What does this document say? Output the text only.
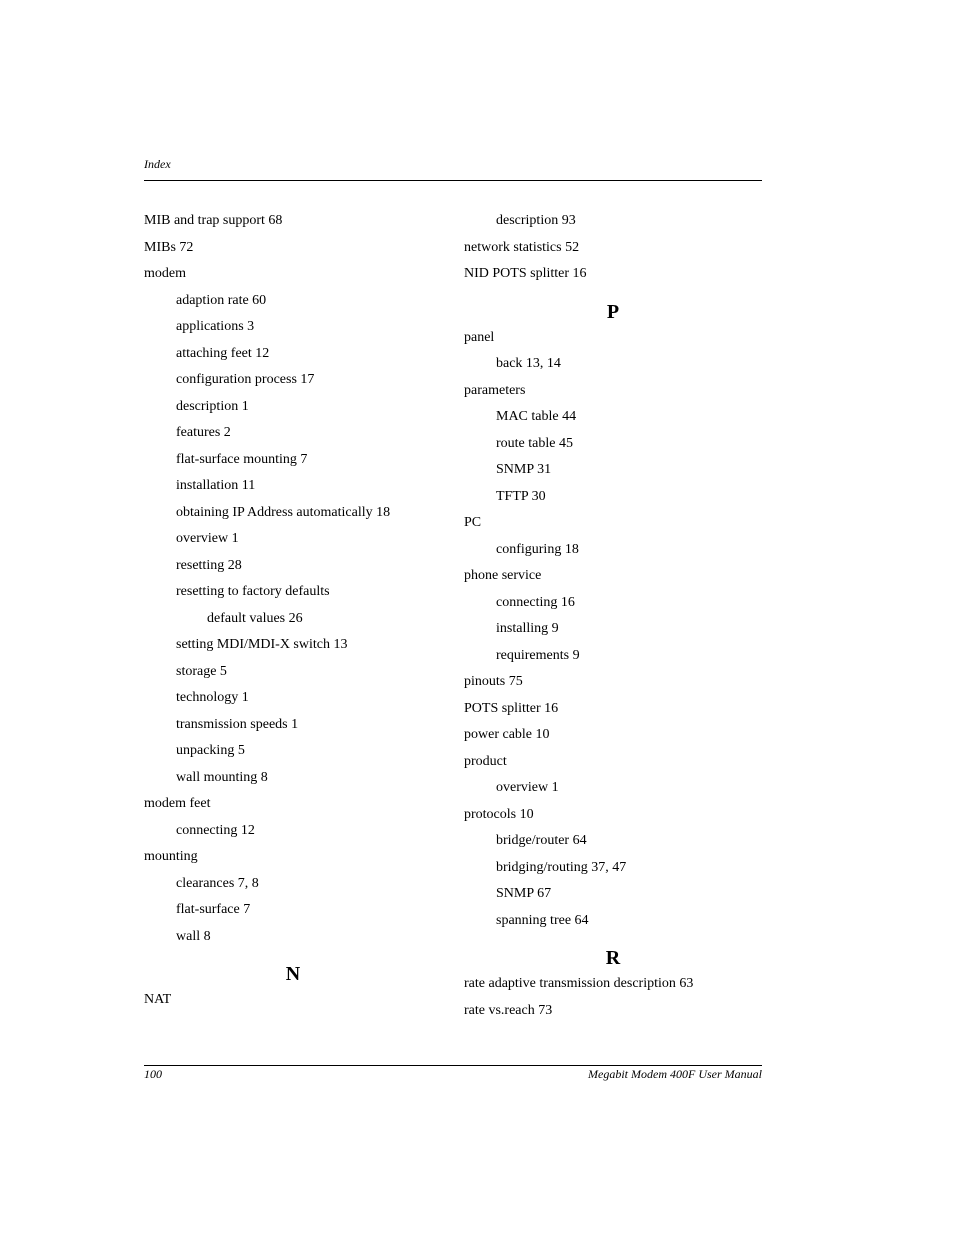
Index
MIB and trap support 68
MIBs 72
modem
adaption rate 60
applications 3
attaching feet 12
configuration process 17
description 1
features 2
flat-surface mounting 7
installation 11
obtaining IP Address automatically 18
overview 1
resetting 28
resetting to factory defaults
default values 26
setting MDI/MDI-X switch 13
storage 5
technology 1
transmission speeds 1
unpacking 5
wall mounting 8
modem feet
connecting 12
mounting
clearances 7, 8
flat-surface 7
wall 8
N
NAT
description 93
network statistics 52
NID POTS splitter 16
P
panel
back 13, 14
parameters
MAC table 44
route table 45
SNMP 31
TFTP 30
PC
configuring 18
phone service
connecting 16
installing 9
requirements 9
pinouts 75
POTS splitter 16
power cable 10
product
overview 1
protocols 10
bridge/router 64
bridging/routing 37, 47
SNMP 67
spanning tree 64
R
rate adaptive transmission description 63
rate vs.reach 73
100	Megabit Modem 400F User Manual
